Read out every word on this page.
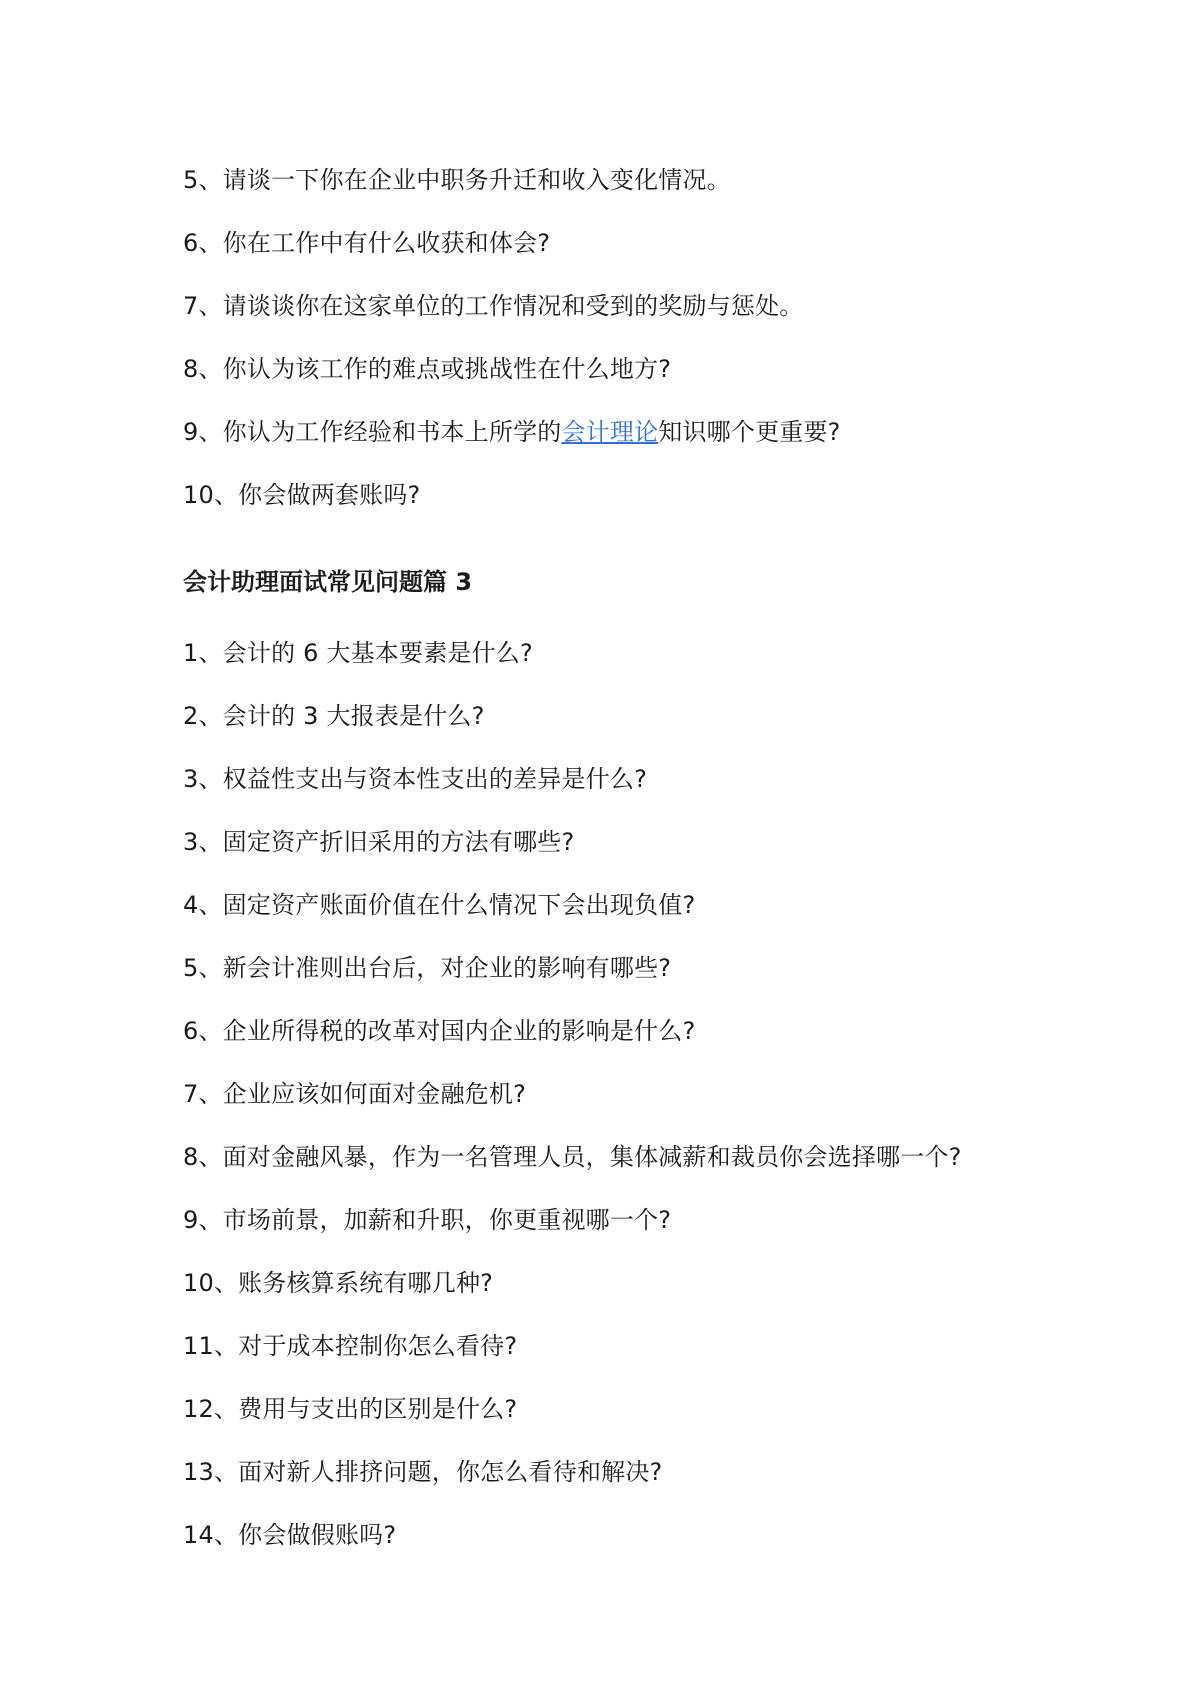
5、请谈一下你在企业中职务升迁和收入变化情况。
6、你在工作中有什么收获和体会?
7、请谈谈你在这家单位的工作情况和受到的奖励与惩处。
8、你认为该工作的难点或挑战性在什么地方?
9、你认为工作经验和书本上所学的会计理论知识哪个更重要?
10、你会做两套账吗?
会计助理面试常见问题篇 3
1、会计的 6 大基本要素是什么?
2、会计的 3 大报表是什么?
3、权益性支出与资本性支出的差异是什么?
3、固定资产折旧采用的方法有哪些?
4、固定资产账面价值在什么情况下会出现负值?
5、新会计准则出台后，对企业的影响有哪些?
6、企业所得税的改革对国内企业的影响是什么?
7、企业应该如何面对金融危机?
8、面对金融风暴，作为一名管理人员，集体减薪和裁员你会选择哪一个?
9、市场前景，加薪和升职，你更重视哪一个?
10、账务核算系统有哪几种?
11、对于成本控制你怎么看待?
12、费用与支出的区别是什么?
13、面对新人排挤问题，你怎么看待和解决?
14、你会做假账吗?
